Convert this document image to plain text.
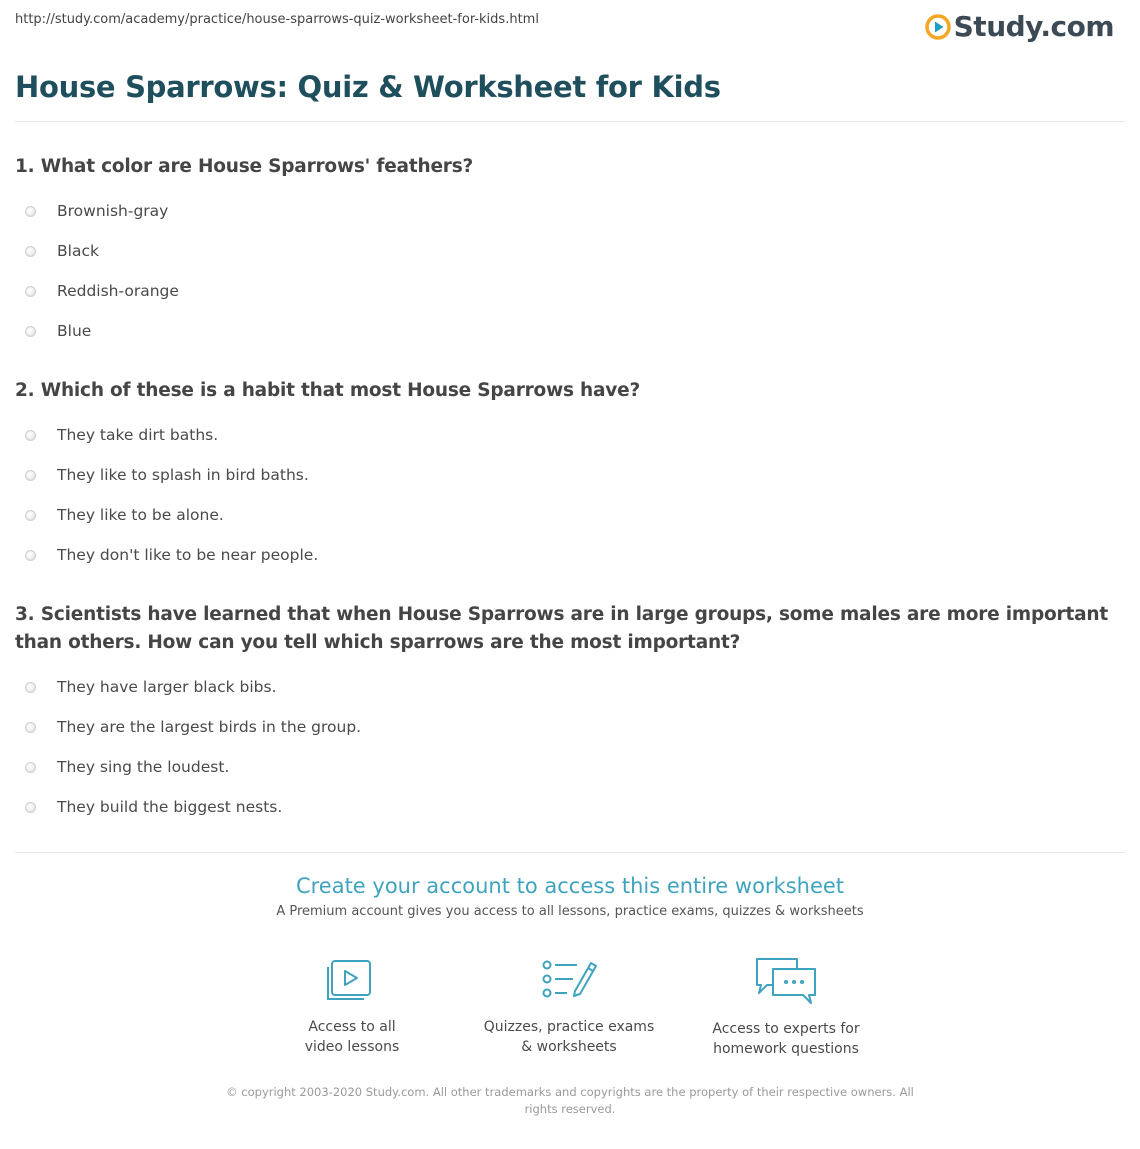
http://study.com/academy/practice/house-sparrows-quiz-worksheet-for-kids.html	Study.com
House Sparrows: Quiz & Worksheet for Kids
1. What color are House Sparrows' feathers?
Brownish-gray
Black
Reddish-orange
Blue
2. Which of these is a habit that most House Sparrows have?
They take dirt baths.
They like to splash in bird baths.
They like to be alone.
They don't like to be near people.
3. Scientists have learned that when House Sparrows are in large groups, some males are more important than others. How can you tell which sparrows are the most important?
They have larger black bibs.
They are the largest birds in the group.
They sing the loudest.
They build the biggest nests.
Create your account to access this entire worksheet
A Premium account gives you access to all lessons, practice exams, quizzes & worksheets
Access to all
video lessons
Quizzes, practice exams
& worksheets
Access to experts for
homework questions
© copyright 2003-2020 Study.com. All other trademarks and copyrights are the property of their respective owners. All rights reserved.
